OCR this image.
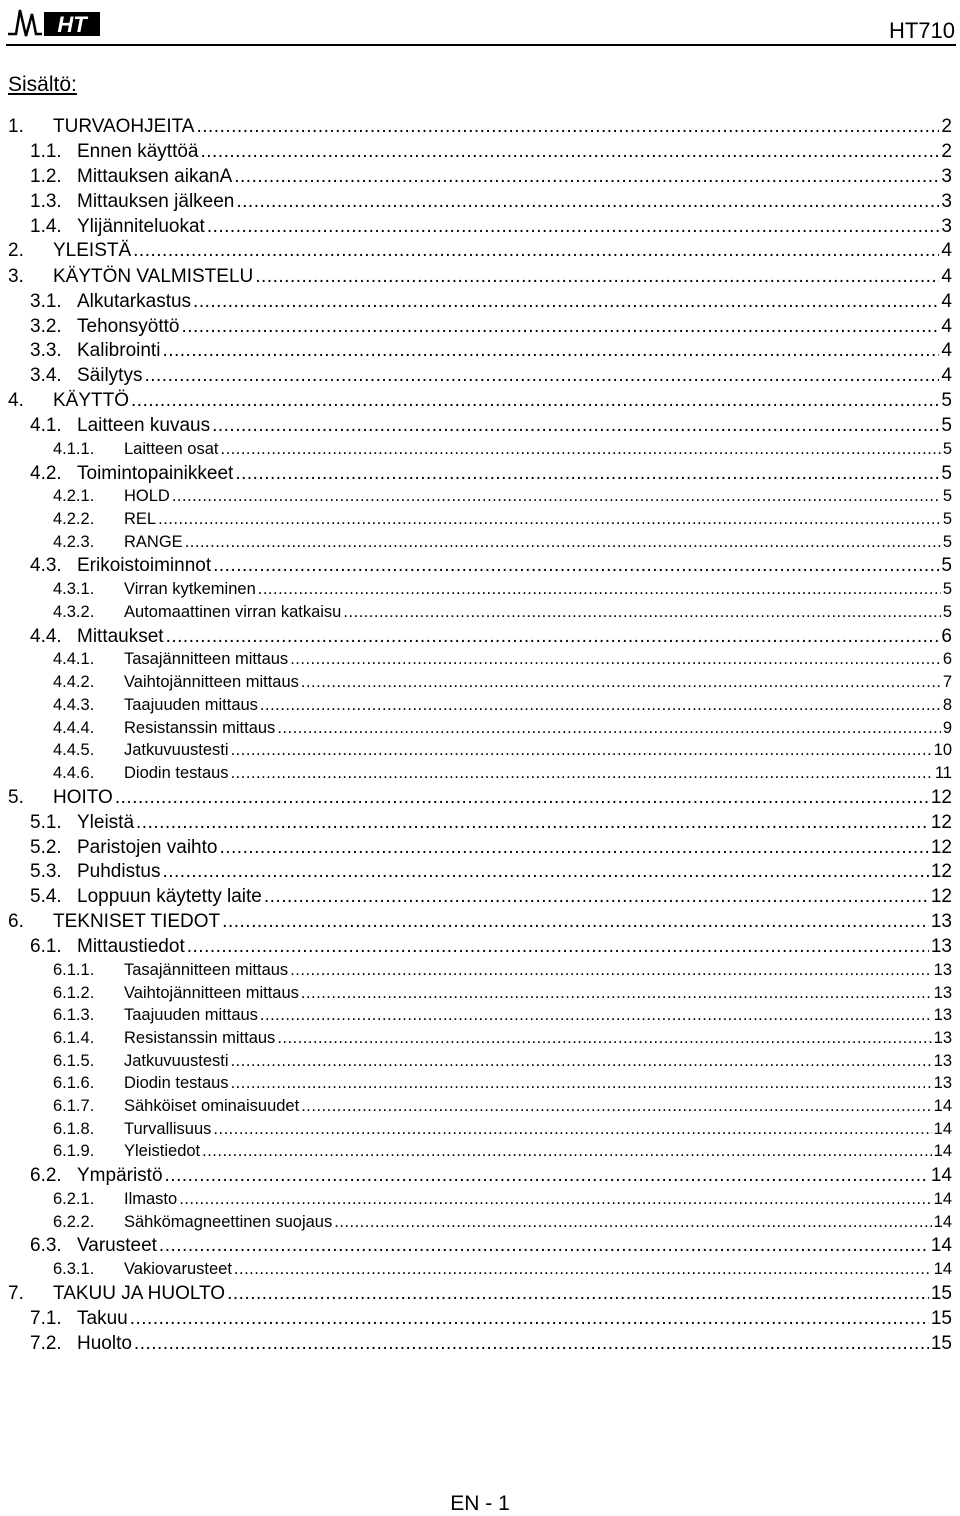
HT	HT710
Sisältö:
1.	TURVAOHJEITA .....	2
1.1. Ennen käyttöä .....	2
1.2. Mittauksen aikanA .....	3
1.3. Mittauksen jälkeen .....	3
1.4. Ylijänniteluokat .....	3
2.	YLEISTÄ .....	4
3.	KÄYTÖN VALMISTELU .....	4
3.1. Alkutarkastus .....	4
3.2. Tehonsyöttö .....	4
3.3. Kalibrointi .....	4
3.4. Säilytys .....	4
4.	KÄYTTÖ .....	5
4.1. Laitteen kuvaus .....	5
4.1.1.	Laitteen osat .....	5
4.2. Toimintopainikkeet .....	5
4.2.1.	HOLD .....	5
4.2.2.	REL .....	5
4.2.3.	RANGE .....	5
4.3. Erikoistoiminnot .....	5
4.3.1.	Virran kytkeminen .....	5
4.3.2.	Automaattinen virran katkaisu .....	5
4.4. Mittaukset .....	6
4.4.1.	Tasajännitteen mittaus .....	6
4.4.2.	Vaihtojännitteen mittaus .....	7
4.4.3.	Taajuuden mittaus .....	8
4.4.4.	Resistanssin mittaus .....	9
4.4.5.	Jatkuvuustesti .....	10
4.4.6.	Diodin testaus .....	11
5.	HOITO .....	12
5.1. Yleistä .....	12
5.2. Paristojen vaihto .....	12
5.3. Puhdistus .....	12
5.4. Loppuun käytetty laite .....	12
6.	TEKNISET TIEDOT .....	13
6.1. Mittaustiedot .....	13
6.1.1.	Tasajännitteen mittaus .....	13
6.1.2.	Vaihtojännitteen mittaus .....	13
6.1.3.	Taajuuden mittaus .....	13
6.1.4.	Resistanssin mittaus .....	13
6.1.5.	Jatkuvuustesti .....	13
6.1.6.	Diodin testaus .....	13
6.1.7.	Sähköiset ominaisuudet .....	14
6.1.8.	Turvallisuus .....	14
6.1.9.	Yleistiedot .....	14
6.2. Ympäristö .....	14
6.2.1.	Ilmasto .....	14
6.2.2.	Sähkömagneettinen suojaus .....	14
6.3. Varusteet .....	14
6.3.1.	Vakiovarusteet .....	14
7.	TAKUU JA HUOLTO .....	15
7.1. Takuu .....	15
7.2. Huolto .....	15
EN - 1
